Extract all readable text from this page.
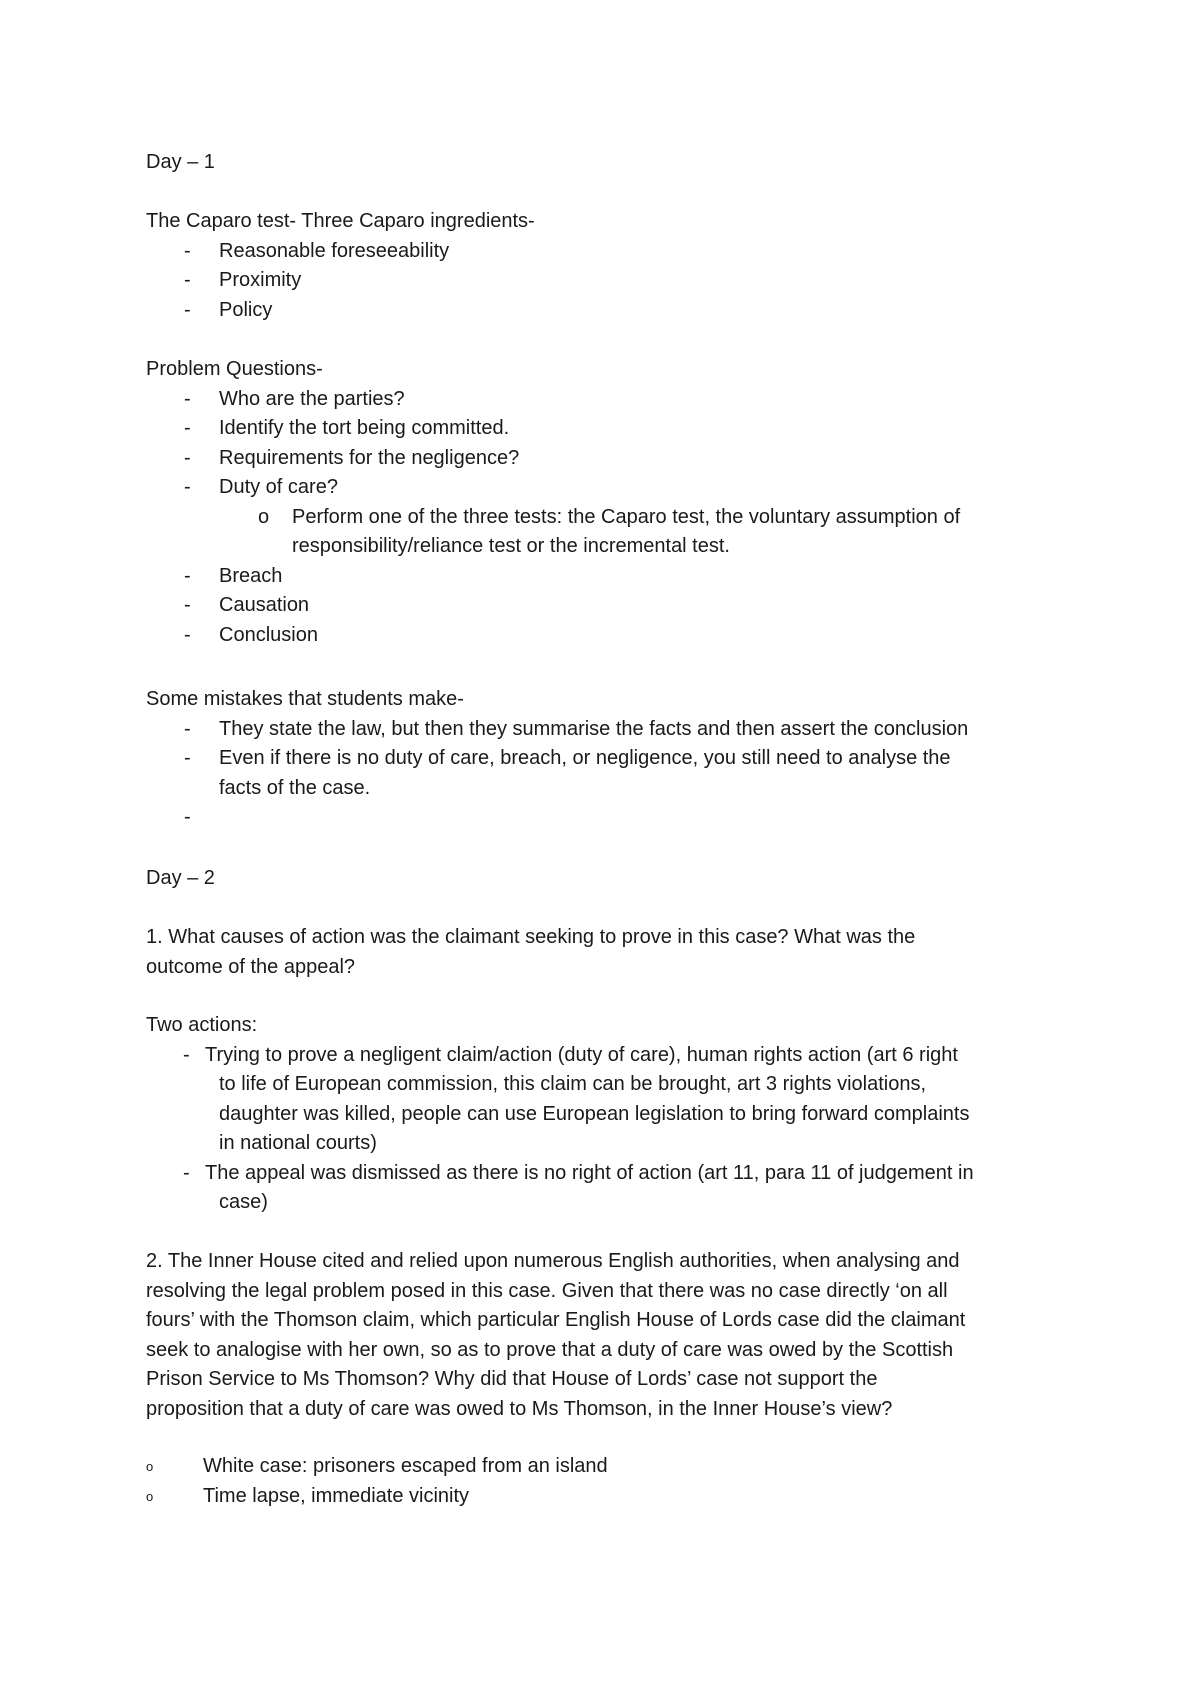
Day – 1
The Caparo test- Three Caparo ingredients-
- Reasonable foreseeability
- Proximity
- Policy
Problem Questions-
- Who are the parties?
- Identify the tort being committed.
- Requirements for the negligence?
- Duty of care?
o Perform one of the three tests: the Caparo test, the voluntary assumption of
responsibility/reliance test or the incremental test.
- Breach
- Causation
- Conclusion
Some mistakes that students make-
- They state the law, but then they summarise the facts and then assert the conclusion
- Even if there is no duty of care, breach, or negligence, you still need to analyse the
facts of the case.
-

Day – 2
1. What causes of action was the claimant seeking to prove in this case? What was the
outcome of the appeal?
Two actions:
- Trying to prove a negligent claim/action (duty of care), human rights action (art 6 right
to life of European commission, this claim can be brought, art 3 rights violations,
daughter was killed, people can use European legislation to bring forward complaints
in national courts)
- The appeal was dismissed as there is no right of action (art 11, para 11 of judgement in
case)
2. The Inner House cited and relied upon numerous English authorities, when analysing and
resolving the legal problem posed in this case. Given that there was no case directly ‘on all
fours’ with the Thomson claim, which particular English House of Lords case did the claimant
seek to analogise with her own, so as to prove that a duty of care was owed by the Scottish
Prison Service to Ms Thomson? Why did that House of Lords’ case not support the
proposition that a duty of care was owed to Ms Thomson, in the Inner House’s view?
o White case: prisoners escaped from an island
o Time lapse, immediate vicinity
